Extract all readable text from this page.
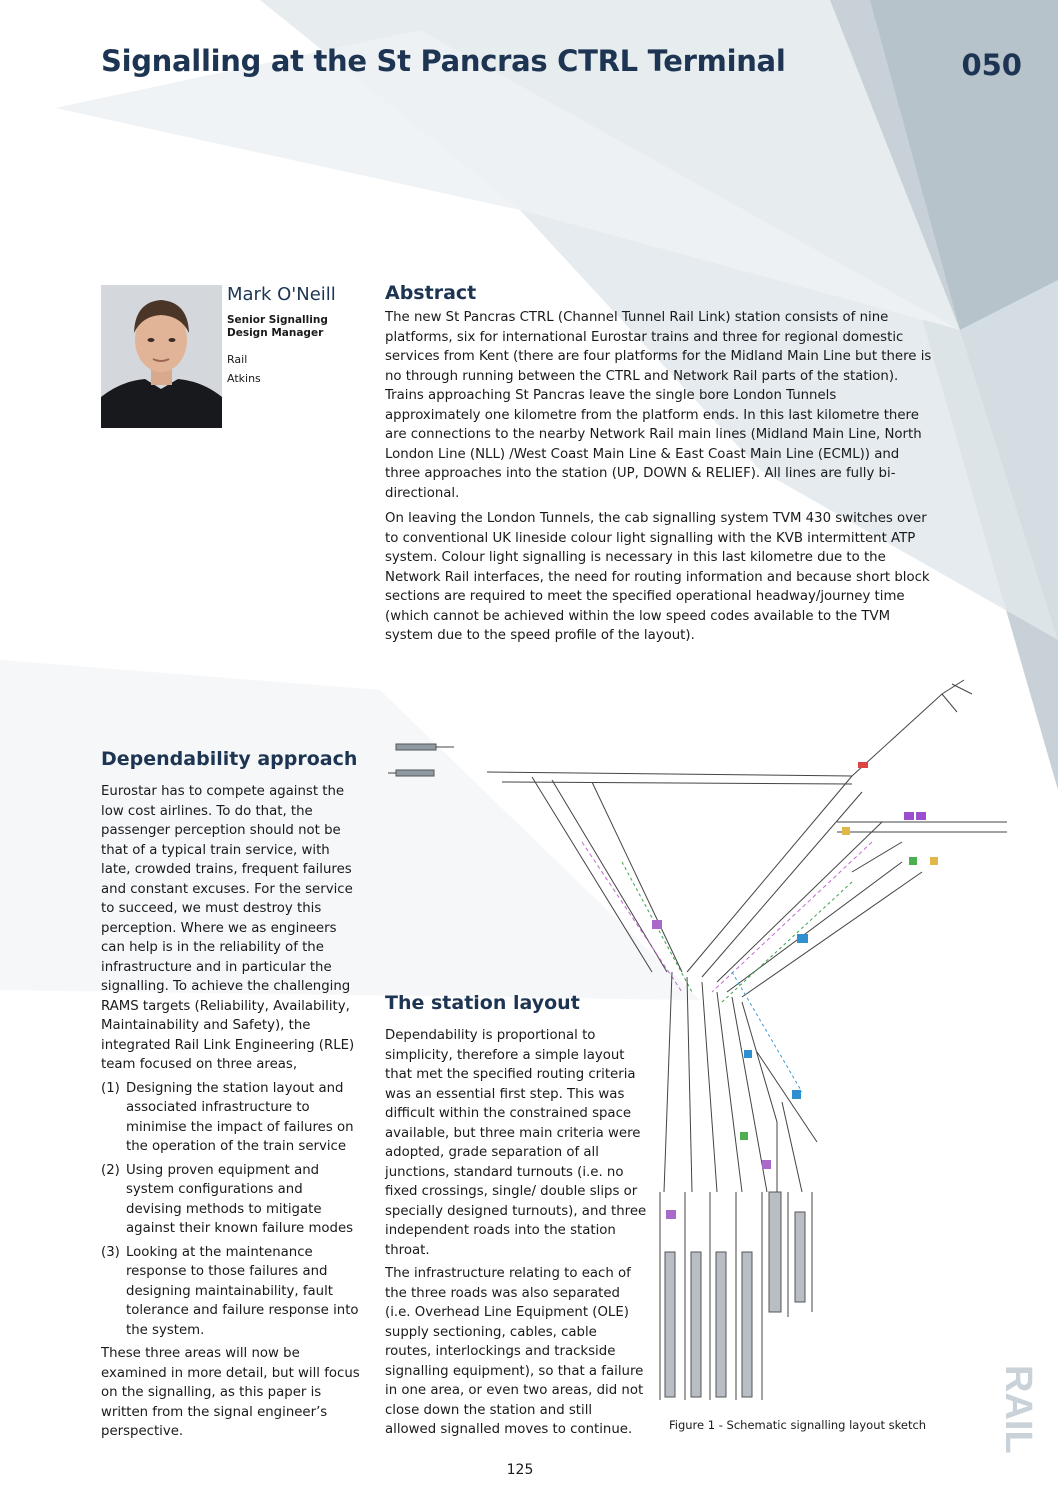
Signalling at the St Pancras CTRL Terminal	050
Mark O'Neill
Senior Signalling Design Manager
Rail
Atkins
Abstract

The new St Pancras CTRL (Channel Tunnel Rail Link) station consists of nine platforms, six for international Eurostar trains and three for regional domestic services from Kent (there are four platforms for the Midland Main Line but there is no through running between the CTRL and Network Rail parts of the station). Trains approaching St Pancras leave the single bore London Tunnels approximately one kilometre from the platform ends. In this last kilometre there are connections to the nearby Network Rail main lines (Midland Main Line, North London Line (NLL) /West Coast Main Line & East Coast Main Line (ECML)) and three approaches into the station (UP, DOWN & RELIEF). All lines are fully bi-directional.

On leaving the London Tunnels, the cab signalling system TVM 430 switches over to conventional UK lineside colour light signalling with the KVB intermittent ATP system. Colour light signalling is necessary in this last kilometre due to the Network Rail interfaces, the need for routing information and because short block sections are required to meet the specified operational headway/journey time (which cannot be achieved within the low speed codes available to the TVM system due to the speed profile of the layout).

Dependability approach

Eurostar has to compete against the low cost airlines. To do that, the passenger perception should not be that of a typical train service, with late, crowded trains, frequent failures and constant excuses. For the service to succeed, we must destroy this perception. Where we as engineers can help is in the reliability of the infrastructure and in particular the signalling. To achieve the challenging RAMS targets (Reliability, Availability, Maintainability and Safety), the integrated Rail Link Engineering (RLE) team focused on three areas,

(1) Designing the station layout and associated infrastructure to minimise the impact of failures on the operation of the train service
(2) Using proven equipment and system configurations and devising methods to mitigate against their known failure modes
(3) Looking at the maintenance response to those failures and designing maintainability, fault tolerance and failure response into the system.

These three areas will now be examined in more detail, but will focus on the signalling, as this paper is written from the signal engineer’s perspective.

The station layout

Dependability is proportional to simplicity, therefore a simple layout that met the specified routing criteria was an essential first step. This was difficult within the constrained space available, but three main criteria were adopted, grade separation of all junctions, standard turnouts (i.e. no fixed crossings, single/ double slips or specially designed turnouts), and three independent roads into the station throat.

The infrastructure relating to each of the three roads was also separated (i.e. Overhead Line Equipment (OLE) supply sectioning, cables, cable routes, interlockings and trackside signalling equipment), so that a failure in one area, or even two areas, did not close down the station and still allowed signalled moves to continue.	Figure 1 - Schematic signalling layout sketch
125
RAIL
